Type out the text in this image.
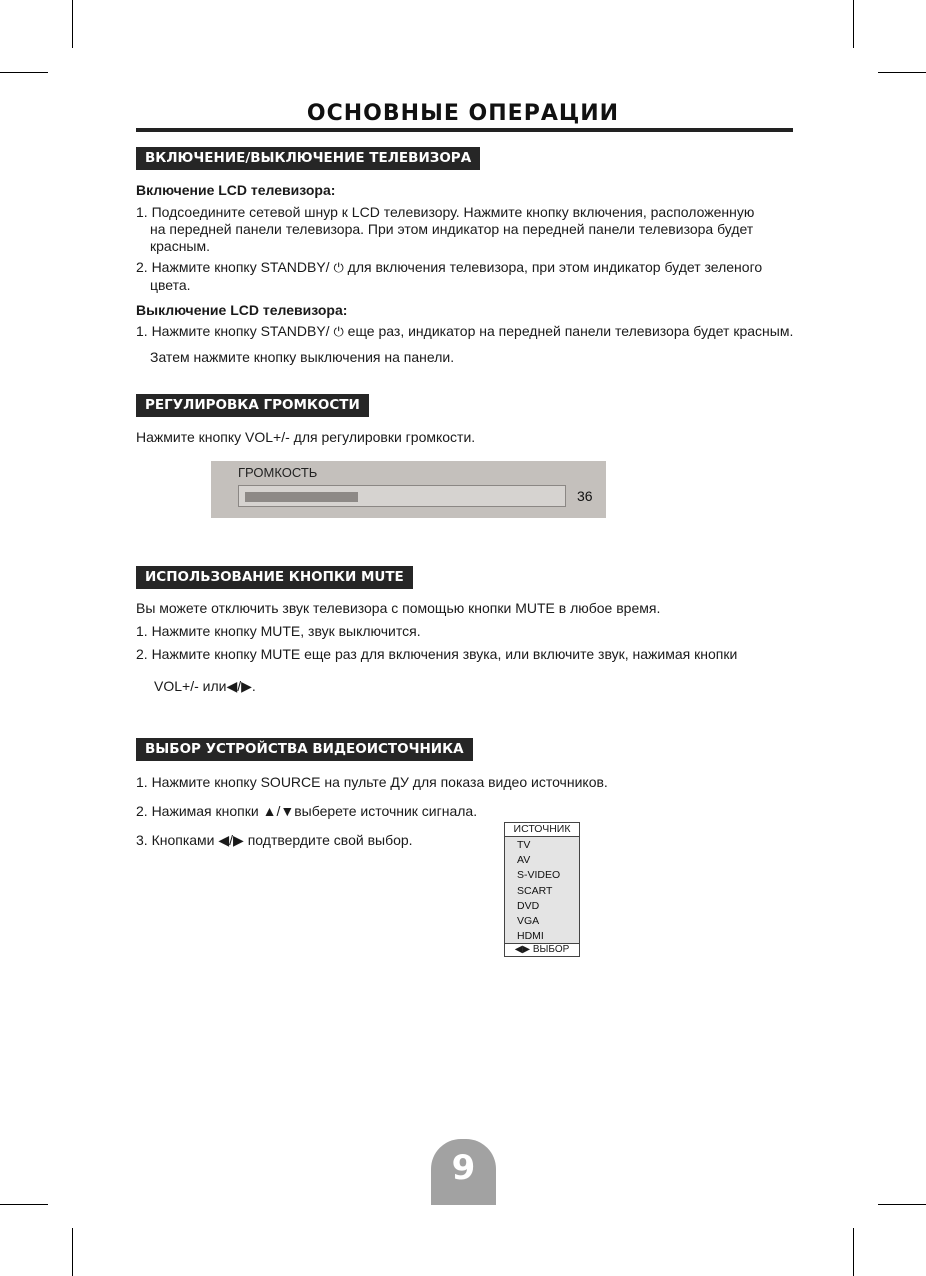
ОСНОВНЫЕ ОПЕРАЦИИ
ВКЛЮЧЕНИЕ/ВЫКЛЮЧЕНИЕ ТЕЛЕВИЗОРА
Включение LCD телевизора:
1. Подсоедините сетевой шнур к LCD телевизору. Нажмите кнопку включения, расположенную
на передней панели телевизора. При этом индикатор на передней панели телевизора будет
красным.
2. Нажмите кнопку STANDBY/ ⏻ для включения телевизора, при этом индикатор будет зеленого
цвета.
Выключение LCD телевизора:
1. Нажмите кнопку STANDBY/ ⏻ еще раз, индикатор на передней панели телевизора будет красным.
Затем нажмите кнопку выключения на панели.
РЕГУЛИРОВКА ГРОМКОСТИ
Нажмите кнопку VOL+/- для регулировки громкости.
ГРОМКОСТЬ
36
ИСПОЛЬЗОВАНИЕ КНОПКИ MUTE
Вы можете отключить звук телевизора с помощью кнопки MUTE в любое время.
1. Нажмите кнопку MUTE, звук выключится.
2. Нажмите кнопку MUTE еще раз для включения звука, или включите звук, нажимая кнопки
VOL+/- или◀/▶.
ВЫБОР УСТРОЙСТВА ВИДЕОИСТОЧНИКА
1. Нажмите кнопку SOURCE на пульте ДУ для показа видео источников.
2. Нажимая кнопки ▲/▼выберете источник сигнала.
3. Кнопками ◀/▶ подтвердите свой выбор.
ИСТОЧНИК
TV
AV
S-VIDEO
SCART
DVD
VGA
HDMI
◀▶ ВЫБОР
9
